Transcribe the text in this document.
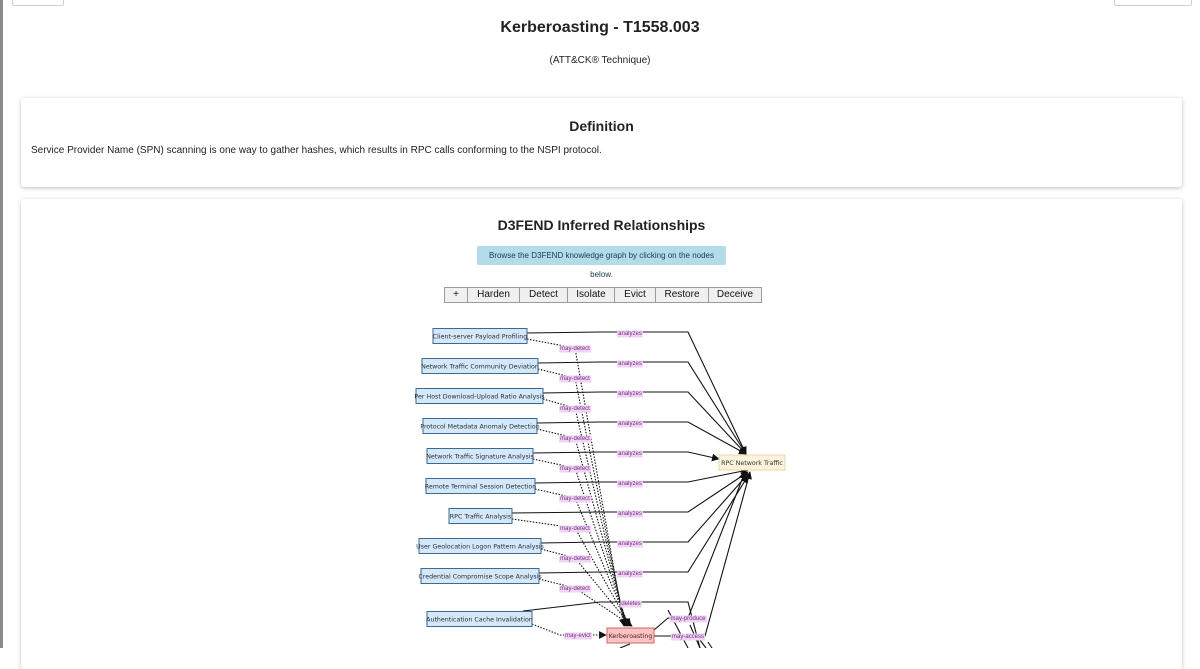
Kerberoasting - T1558.003
(ATT&CK® Technique)
Definition
Service Provider Name (SPN) scanning is one way to gather hashes, which results in RPC calls conforming to the NSPI protocol.
D3FEND Inferred Relationships
Browse the D3FEND knowledge graph by clicking on the nodes below.
+	Harden	Detect	Isolate	Evict	Restore	Deceive
analyzes
analyzes
analyzes
analyzes
analyzes
analyzes
analyzes
analyzes
analyzes
may-detect
may-detect
may-detect
may-detect
may-detect
may-detect
may-detect
may-detect
may-detect
deletes
may-evict
may-produce
may-access
Client-server Payload Profiling
Network Traffic Community Deviation
Per Host Download-Upload Ratio Analysis
Protocol Metadata Anomaly Detection
Network Traffic Signature Analysis
Remote Terminal Session Detection
RPC Traffic Analysis
User Geolocation Logon Pattern Analysis
Credential Compromise Scope Analysis
Authentication Cache Invalidation
RPC Network Traffic
Kerberoasting
